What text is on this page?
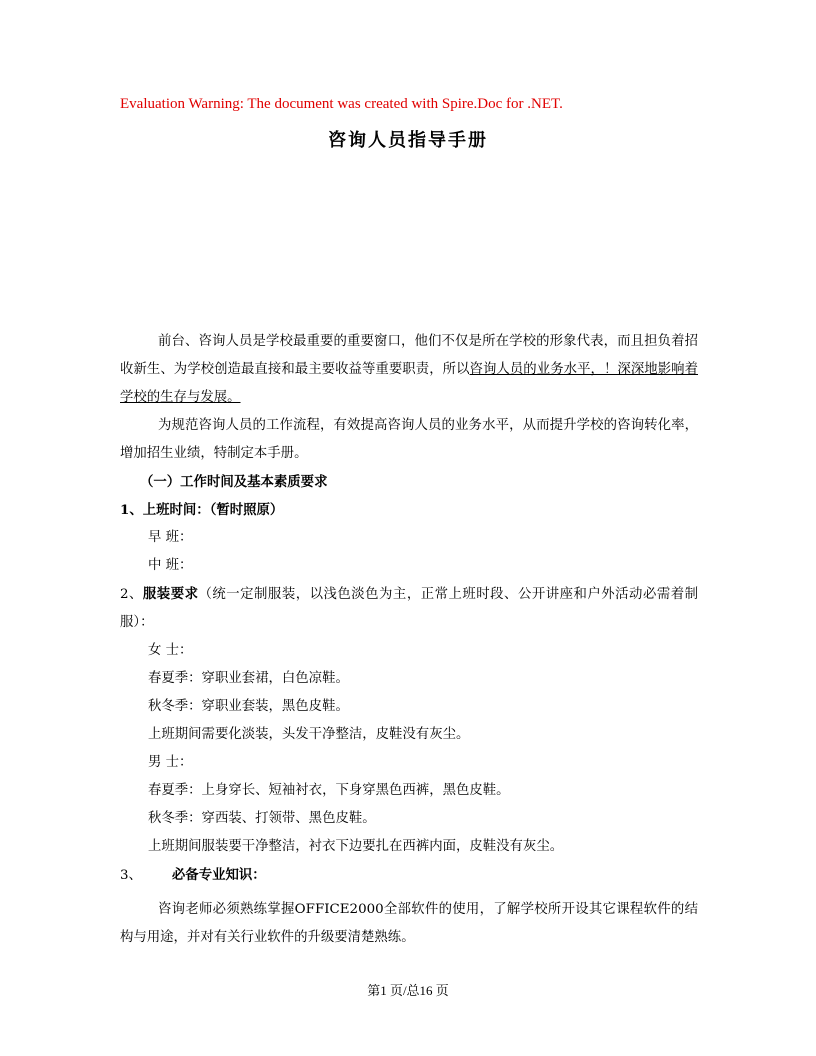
Evaluation Warning: The document was created with Spire.Doc for .NET.
咨询人员指导手册

前台、咨询人员是学校最重要的重要窗口，他们不仅是所在学校的形象代表，而且担负着招收新生、为学校创造最直接和最主要收益等重要职责，所以咨询人员的业务水平，！深深地影响着学校的生存与发展。

为规范咨询人员的工作流程，有效提高咨询人员的业务水平，从而提升学校的咨询转化率，增加招生业绩，特制定本手册。

（一）工作时间及基本素质要求

1、上班时间：（暂时照原）

早 班：

中 班：

2、服装要求（统一定制服装，以浅色淡色为主，正常上班时段、公开讲座和户外活动必需着制服）：

女 士：

春夏季：穿职业套裙，白色凉鞋。

秋冬季：穿职业套装，黑色皮鞋。

上班期间需要化淡装，头发干净整洁，皮鞋没有灰尘。

男 士：

春夏季：上身穿长、短袖衬衣，下身穿黑色西裤，黑色皮鞋。

秋冬季：穿西装、打领带、黑色皮鞋。

上班期间服装要干净整洁，衬衣下边要扎在西裤内面，皮鞋没有灰尘。

3、 必备专业知识：

咨询老师必须熟练掌握OFFICE2000全部软件的使用，了解学校所开设其它课程软件的结构与用途，并对有关行业软件的升级要清楚熟练。

第1 页/总16 页
